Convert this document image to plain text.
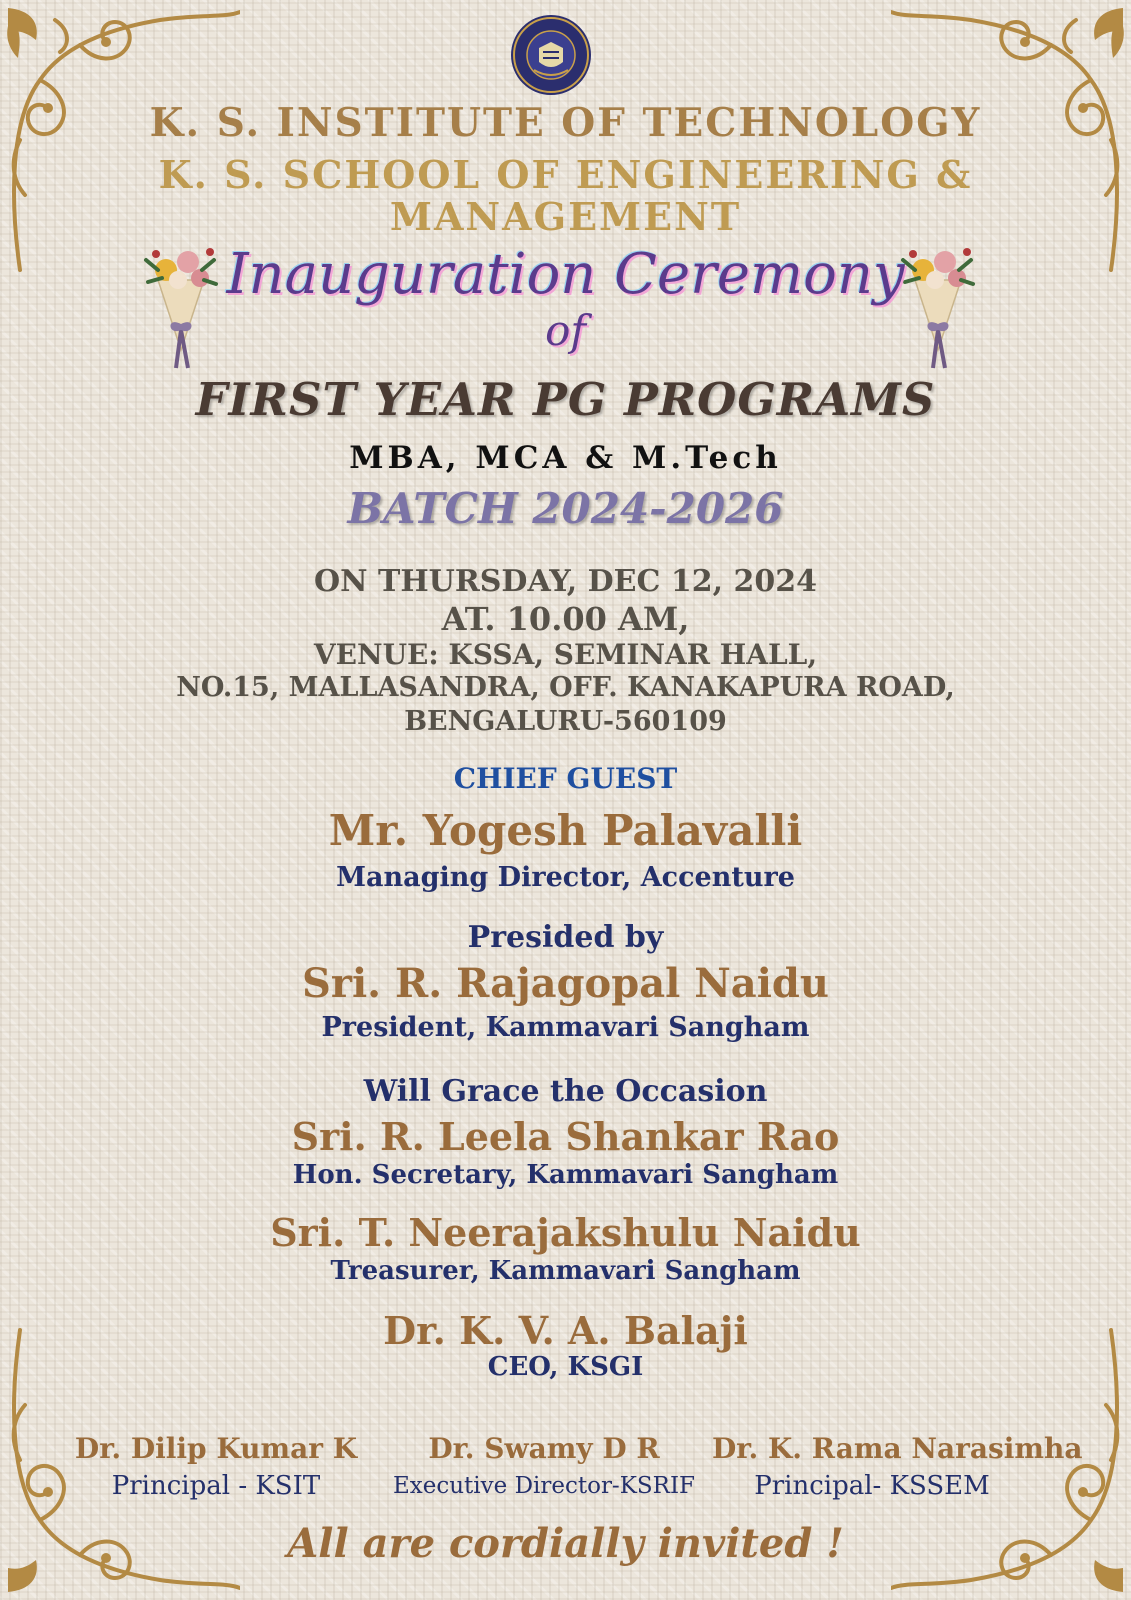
K. S. INSTITUTE OF TECHNOLOGY
K. S. SCHOOL OF ENGINEERING &
MANAGEMENT
Inauguration Ceremony
of
FIRST YEAR PG PROGRAMS
MBA, MCA & M.Tech
BATCH 2024-2026
ON THURSDAY, DEC 12, 2024
AT. 10.00 AM,
VENUE: KSSA, SEMINAR HALL,
NO.15, MALLASANDRA, OFF. KANAKAPURA ROAD,
BENGALURU-560109
CHIEF GUEST
Mr. Yogesh Palavalli
Managing Director, Accenture
Presided by
Sri. R. Rajagopal Naidu
President, Kammavari Sangham
Will Grace the Occasion
Sri. R. Leela Shankar Rao
Hon. Secretary, Kammavari Sangham
Sri. T. Neerajakshulu Naidu
Treasurer, Kammavari Sangham
Dr. K. V. A. Balaji
CEO, KSGI
Dr. Dilip Kumar K
Principal - KSIT
Dr. Swamy D R
Executive Director-KSRIF
Dr. K. Rama Narasimha
Principal- KSSEM
All are cordially invited !
